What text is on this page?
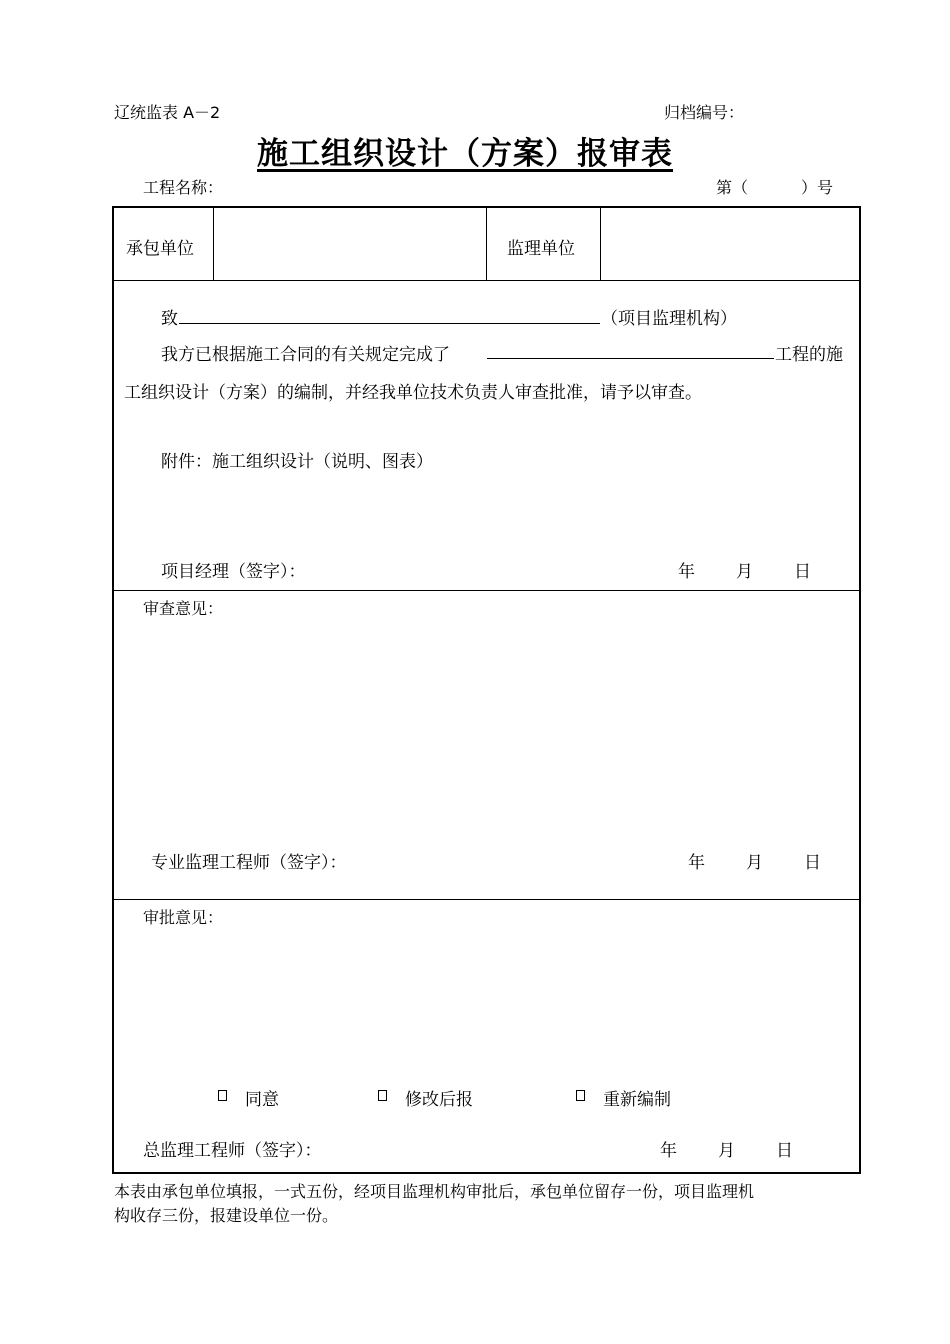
辽统监表 A－2	归档编号：
施工组织设计（方案）报审表
工程名称：	第（	）号
承包单位	监理单位
致	（项目监理机构）
我方已根据施工合同的有关规定完成了	工程的施
工组织设计（方案）的编制，并经我单位技术负责人审查批准，请予以审查。
附件：施工组织设计（说明、图表）
项目经理（签字）：	年 月 日
审查意见：
专业监理工程师（签字）：	年 月 日
审批意见：
同意	修改后报	重新编制
总监理工程师（签字）：	年 月 日
本表由承包单位填报，一式五份，经项目监理机构审批后，承包单位留存一份，项目监理机
构收存三份，报建设单位一份。
